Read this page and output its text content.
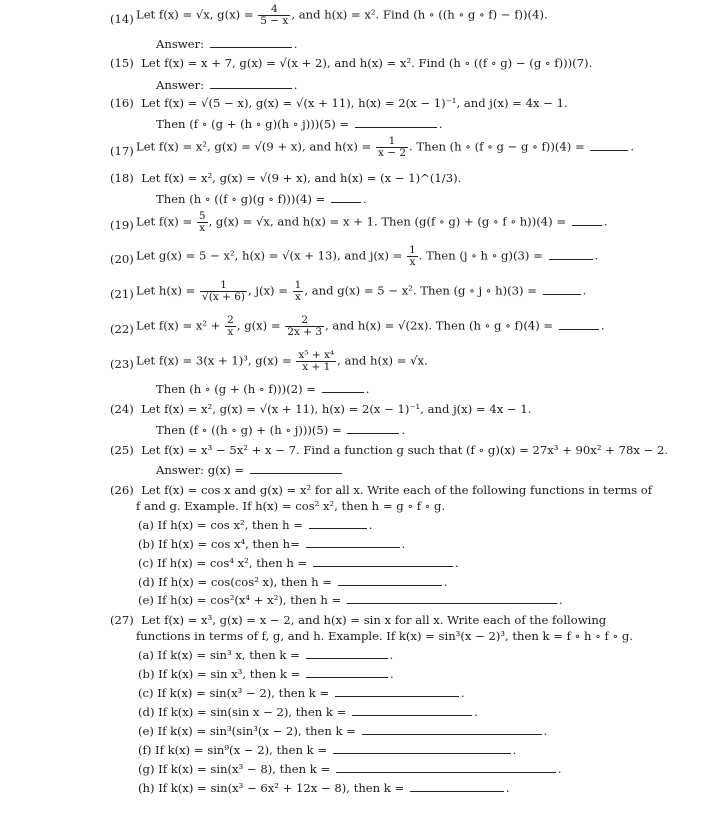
(14) Let f(x) = √x, $g(x) = \frac{4}{5 - x}$ , and h(x) = x². Find (h ∘ ((h ∘ g ∘ f) − f))(4).
Answer:	.
(15) Let f(x) = x + 7, g(x) = √(x + 2), and h(x) = x². Find (h ∘ ((f ∘ g) − (g ∘ f)))(7).
Answer:	.
(16) Let f(x) = √(5 − x), g(x) = √(x + 11), h(x) = 2(x − 1)⁻¹, and j(x) = 4x − 1.
Then (f ∘ (g + (h ∘ g)(h ∘ j)))(5) =	.
(17) Let f(x) = x², g(x) = √(9 + x), and $h(x) = \frac{1}{x - 2}$ . Then (h ∘ (f ∘ g − g ∘ f))(4) =	.
(18) Let f(x) = x², g(x) = √(9 + x), and h(x) = (x − 1)^(1/3).
Then (h ∘ ((f ∘ g)(g ∘ f)))(4) =	.
(19) Let $f(x) = \frac{5}{x}$ , g(x) = √x, and h(x) = x + 1. Then (g(f ∘ g) + (g ∘ f ∘ h))(4) =	.
(20) Let g(x) = 5 − x², h(x) = √(x + 13), and $j(x) = \frac{1}{x}$ . Then (j ∘ h ∘ g)(3) =	.
(21) Let $h(x) = \frac{1}{√(x + 6)}$ , $j(x) = \frac{1}{x}$ , and g(x) = 5 − x². Then (g ∘ j ∘ h)(3) =	.
(22) Let $f(x) = x^2 + \frac{2}{x}$ , $g(x) = \frac{2}{2x + 3}$ , and h(x) = √(2x). Then (h ∘ g ∘ f)(4) =	.
(23) Let f(x) = 3(x + 1)³, $g(x) = \frac{\text{x⁵ + x⁴}}{x + 1}$ , and h(x) = √x.
Then (h ∘ (g + (h ∘ f)))(2) =	.
(24) Let f(x) = x², g(x) = √(x + 11), h(x) = 2(x − 1)⁻¹, and j(x) = 4x − 1.
Then (f ∘ ((h ∘ g) + (h ∘ j)))(5) =	.
(25) Let f(x) = x³ − 5x² + x − 7. Find a function g such that (f ∘ g)(x) = 27x³ + 90x² + 78x − 2.
Answer: g(x) =
(26) Let f(x) = cos x and g(x) = x² for all x. Write each of the following functions in terms of
f and g. Example. If h(x) = cos² x², then h = g ∘ f ∘ g.
(a) If h(x) = cos x², then h =	.
(b) If h(x) = cos x⁴, then h=	.
(c) If h(x) = cos⁴ x², then h =	.
(d) If h(x) = cos(cos² x), then h =	.
(e) If h(x) = cos²(x⁴ + x²), then h =	.
(27) Let f(x) = x³, g(x) = x − 2, and h(x) = sin x for all x. Write each of the following
functions in terms of f, g, and h. Example. If k(x) = sin³(x − 2)³, then k = f ∘ h ∘ f ∘ g.
(a) If k(x) = sin³ x, then k =	.
(b) If k(x) = sin x³, then k =	.
(c) If k(x) = sin(x³ − 2), then k =	.
(d) If k(x) = sin(sin x − 2), then k =	.
(e) If k(x) = sin³(sin³(x − 2), then k =	.
(f) If k(x) = sin⁹(x − 2), then k =	.
(g) If k(x) = sin(x³ − 8), then k =	.
(h) If k(x) = sin(x³ − 6x² + 12x − 8), then k =	.
